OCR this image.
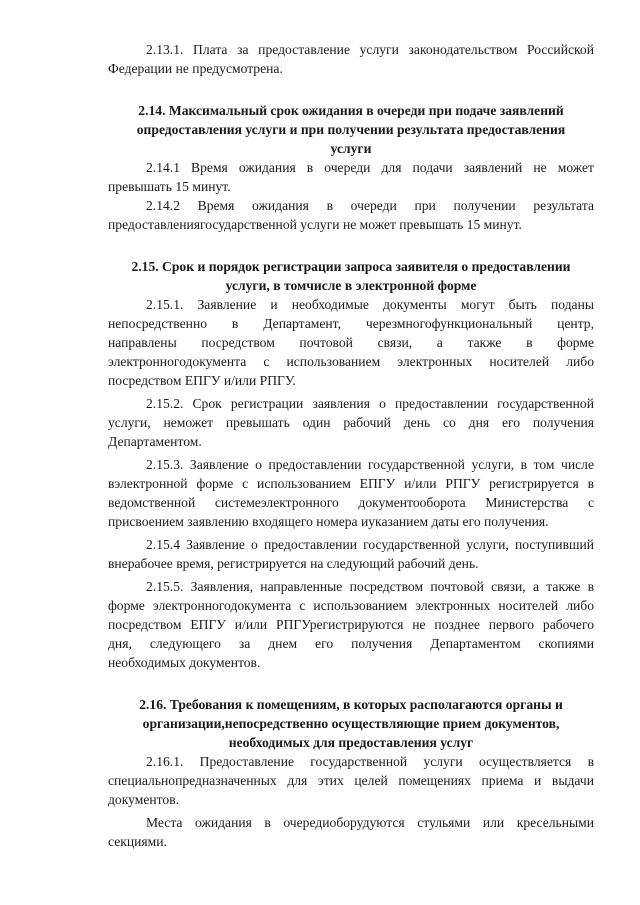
2.13.1. Плата за предоставление услуги законодательством Российской
Федерации не предусмотрена.
2.14. Максимальный срок ожидания в очереди при подаче заявлений
опредоставления услуги и при получении результата предоставления
услуги
2.14.1 Время ожидания в очереди для подачи заявлений не может
превышать 15 минут.
2.14.2 Время ожидания в очереди при получении результата
предоставлениягосударственной услуги не может превышать 15 минут.
2.15. Срок и порядок регистрации запроса заявителя о предоставлении
услуги, в томчисле в электронной форме
2.15.1. Заявление и необходимые документы могут быть поданы
непосредственно в Департамент, черезмногофункциональный центр,
направлены посредством почтовой связи, а также в форме
электронногодокумента с использованием электронных носителей либо
посредством ЕПГУ и/или РПГУ.
2.15.2. Срок регистрации заявления о предоставлении государственной
услуги, неможет превышать один рабочий день со дня его получения
Департаментом.
2.15.3. Заявление о предоставлении государственной услуги, в том числе
вэлектронной форме с использованием ЕПГУ и/или РПГУ регистрируется в
ведомственной системеэлектронного документооборота Министерства с
присвоением заявлению входящего номера иуказанием даты его получения.
2.15.4 Заявление о предоставлении государственной услуги, поступивший
внерабочее время, регистрируется на следующий рабочий день.
2.15.5. Заявления, направленные посредством почтовой связи, а также в
форме электронногодокумента с использованием электронных носителей либо
посредством ЕПГУ и/или РПГУрегистрируются не позднее первого рабочего
дня, следующего за днем его получения Департаментом скопиями
необходимых документов.
2.16. Требования к помещениям, в которых располагаются органы и
организации,непосредственно осуществляющие прием документов,
необходимых для предоставления услуг
2.16.1. Предоставление государственной услуги осуществляется в
специальнопредназначенных для этих целей помещениях приема и выдачи
документов.
Места ожидания в очередиоборудуются стульями или кресельными
секциями.
